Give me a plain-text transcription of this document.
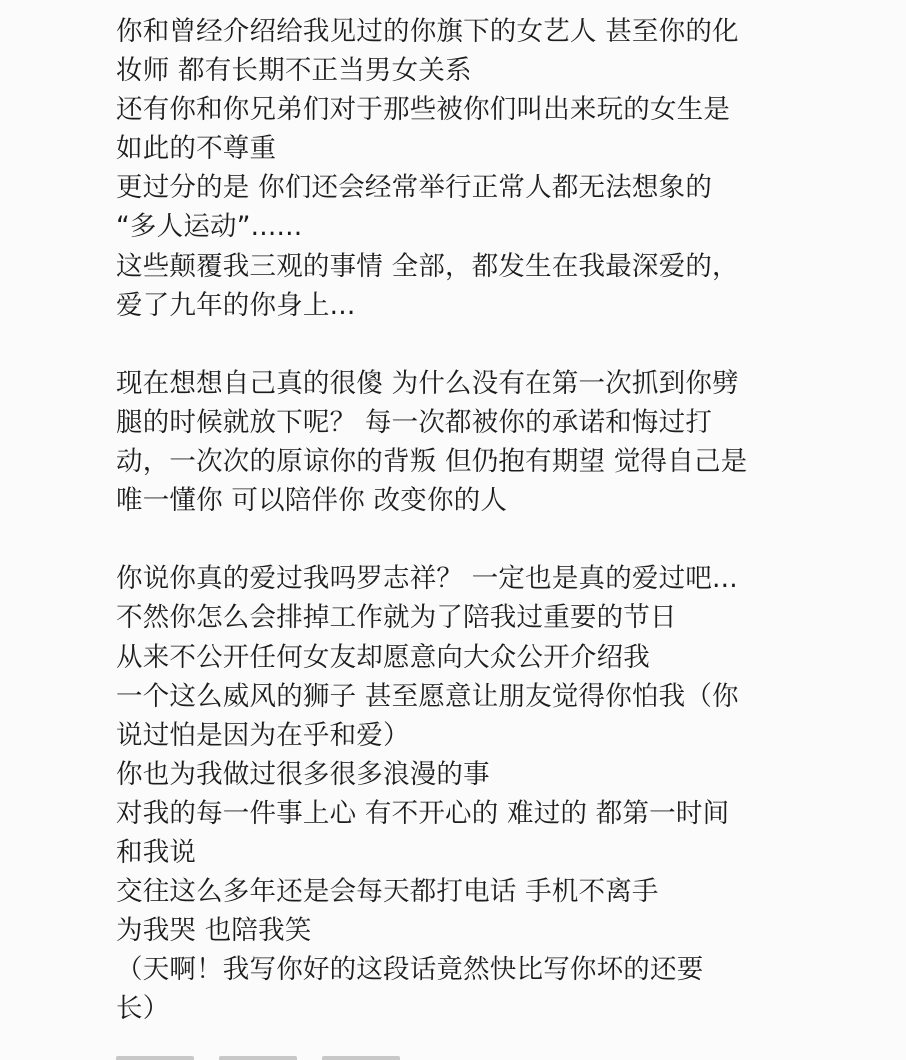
你和曾经介绍给我见过的你旗下的女艺人 甚至你的化
妆师 都有长期不正当男女关系
还有你和你兄弟们对于那些被你们叫出来玩的女生是
如此的不尊重
更过分的是 你们还会经常举行正常人都无法想象的
“多人运动”......
这些颠覆我三观的事情 全部，都发生在我最深爱的，
爱了九年的你身上...
现在想想自己真的很傻 为什么没有在第一次抓到你劈
腿的时候就放下呢？ 每一次都被你的承诺和悔过打
动，一次次的原谅你的背叛 但仍抱有期望 觉得自己是
唯一懂你 可以陪伴你 改变你的人
你说你真的爱过我吗罗志祥？ 一定也是真的爱过吧...
不然你怎么会排掉工作就为了陪我过重要的节日
从来不公开任何女友却愿意向大众公开介绍我
一个这么威风的狮子 甚至愿意让朋友觉得你怕我（你
说过怕是因为在乎和爱）
你也为我做过很多很多浪漫的事
对我的每一件事上心 有不开心的 难过的 都第一时间
和我说
交往这么多年还是会每天都打电话 手机不离手
为我哭 也陪我笑
（天啊！我写你好的这段话竟然快比写你坏的还要
长）
